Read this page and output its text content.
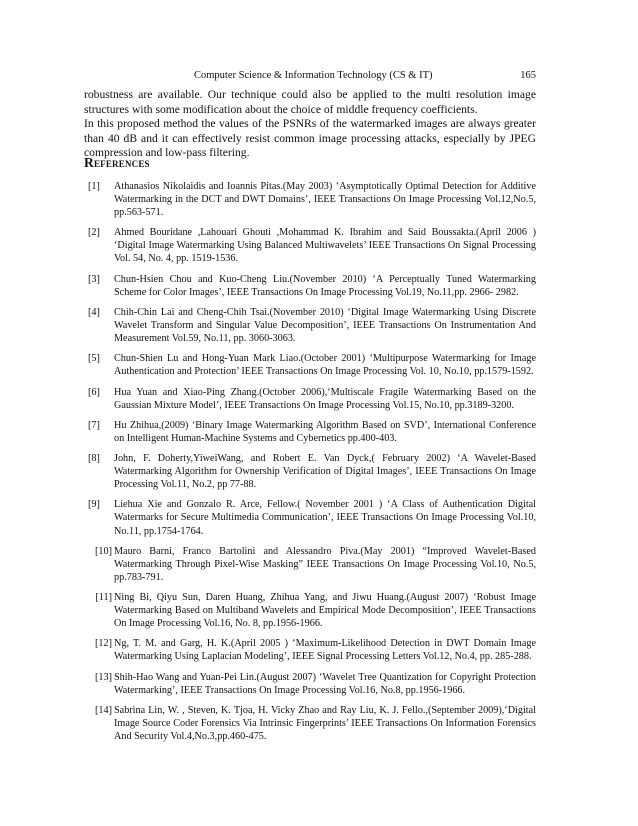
Computer Science & Information Technology (CS & IT)	165

robustness are available. Our technique could also be applied to the multi resolution image structures with some modification about the choice of middle frequency coefficients.

In this proposed method the values of the PSNRs of the watermarked images are always greater than 40 dB and it can effectively resist common image processing attacks, especially by JPEG compression and low-pass filtering.

References
[1]	Athanasios Nikolaidis and Ioannis Pitas.(May 2003) ‘Asymptotically Optimal Detection for Additive Watermarking in the DCT and DWT Domains’, IEEE Transactions On Image Processing Vol.12,No.5, pp.563-571.
[2]	Ahmed Bouridane ,Lahouari Ghouti ,Mohammad K. Ibrahim and Said Boussakta.(April 2006 ) ‘Digital Image Watermarking Using Balanced Multiwavelets’ IEEE Transactions On Signal Processing Vol. 54, No. 4, pp. 1519-1536.
[3]	Chun-Hsien Chou and Kuo-Cheng Liu.(November 2010) ‘A Perceptually Tuned Watermarking Scheme for Color Images’, IEEE Transactions On Image Processing Vol.19, No.11,pp. 2966- 2982.
[4]	Chih-Chin Lai and Cheng-Chih Tsai.(November 2010) ‘Digital Image Watermarking Using Discrete Wavelet Transform and Singular Value Decomposition’, IEEE Transactions On Instrumentation And Measurement Vol.59, No.11, pp. 3060-3063.
[5]	Chun-Shien Lu and Hong-Yuan Mark Liao.(October 2001) ‘Multipurpose Watermarking for Image Authentication and Protection’ IEEE Transactions On Image Processing Vol. 10, No.10, pp.1579-1592.
[6]	Hua Yuan and Xiao-Ping Zhang.(October 2006),‘Multiscale Fragile Watermarking Based on the Gaussian Mixture Model’, IEEE Transactions On Image Processing Vol.15, No.10, pp.3189-3200.
[7]	Hu Zhihua,(2009) ‘Binary Image Watermarking Algorithm Based on SVD’, International Conference on Intelligent Human-Machine Systems and Cybernetics pp.400-403.
[8]	John, F. Doherty,YiweiWang, and Robert E. Van Dyck,( February 2002) ‘A Wavelet-Based Watermarking Algorithm for Ownership Verification of Digital Images’, IEEE Transactions On Image Processing Vol.11, No.2, pp 77-88.
[9]	Liehua Xie and Gonzalo R. Arce, Fellow.( November 2001 ) ‘A Class of Authentication Digital Watermarks for Secure Multimedia Communication’, IEEE Transactions On Image Processing Vol.10, No.11, pp.1754-1764.
[10] Mauro Barni, Franco Bartolini and Alessandro Piva.(May 2001) “Improved Wavelet-Based Watermarking Through Pixel-Wise Masking” IEEE Transactions On Image Processing Vol.10, No.5, pp.783-791.
[11] Ning Bi, Qiyu Sun, Daren Huang, Zhihua Yang, and Jiwu Huang.(August 2007) ‘Robust Image Watermarking Based on Multiband Wavelets and Empirical Mode Decomposition’, IEEE Transactions On Image Processing Vol.16, No. 8, pp.1956-1966.
[12] Ng, T. M. and Garg, H. K.(April 2005 ) ‘Maximum-Likelihood Detection in DWT Domain Image Watermarking Using Laplacian Modeling’, IEEE Signal Processing Letters Vol.12, No.4, pp. 285-288.
[13] Shih-Hao Wang and Yuan-Pei Lin.(August 2007) ‘Wavelet Tree Quantization for Copyright Protection Watermarking’, IEEE Transactions On Image Processing Vol.16, No.8, pp.1956-1966.
[14] Sabrina Lin, W. , Steven, K. Tjoa, H. Vicky Zhao and Ray Liu, K. J. Fello.,(September 2009),‘Digital Image Source Coder Forensics Via Intrinsic Fingerprints’ IEEE Transactions On Information Forensics And Security Vol.4,No.3,pp.460-475.
